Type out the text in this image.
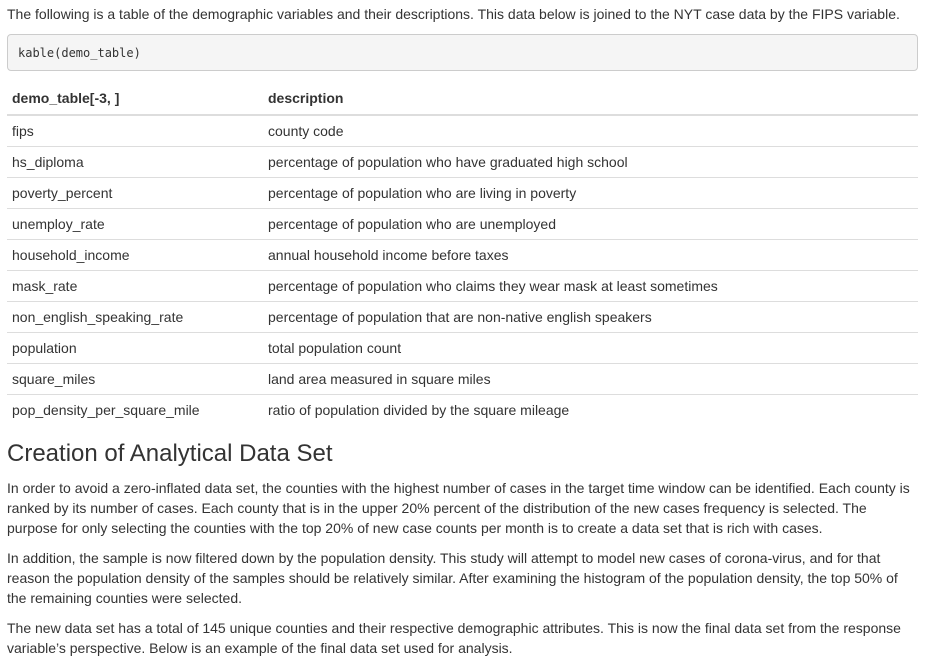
The following is a table of the demographic variables and their descriptions. This data below is joined to the NYT case data by the FIPS variable.

kable(demo_table)
demo_table[-3, ]	description
fips	county code
hs_diploma	percentage of population who have graduated high school
poverty_percent	percentage of population who are living in poverty
unemploy_rate	percentage of population who are unemployed
household_income	annual household income before taxes
mask_rate	percentage of population who claims they wear mask at least sometimes
non_english_speaking_rate	percentage of population that are non-native english speakers
population	total population count
square_miles	land area measured in square miles
pop_density_per_square_mile	ratio of population divided by the square mileage
Creation of Analytical Data Set

In order to avoid a zero-inflated data set, the counties with the highest number of cases in the target time window can be identified. Each county is ranked by its number of cases. Each county that is in the upper 20% percent of the distribution of the new cases frequency is selected. The purpose for only selecting the counties with the top 20% of new case counts per month is to create a data set that is rich with cases.

In addition, the sample is now filtered down by the population density. This study will attempt to model new cases of corona-virus, and for that reason the population density of the samples should be relatively similar. After examining the histogram of the population density, the top 50% of the remaining counties were selected.

The new data set has a total of 145 unique counties and their respective demographic attributes. This is now the final data set from the response variable’s perspective. Below is an example of the final data set used for analysis.
